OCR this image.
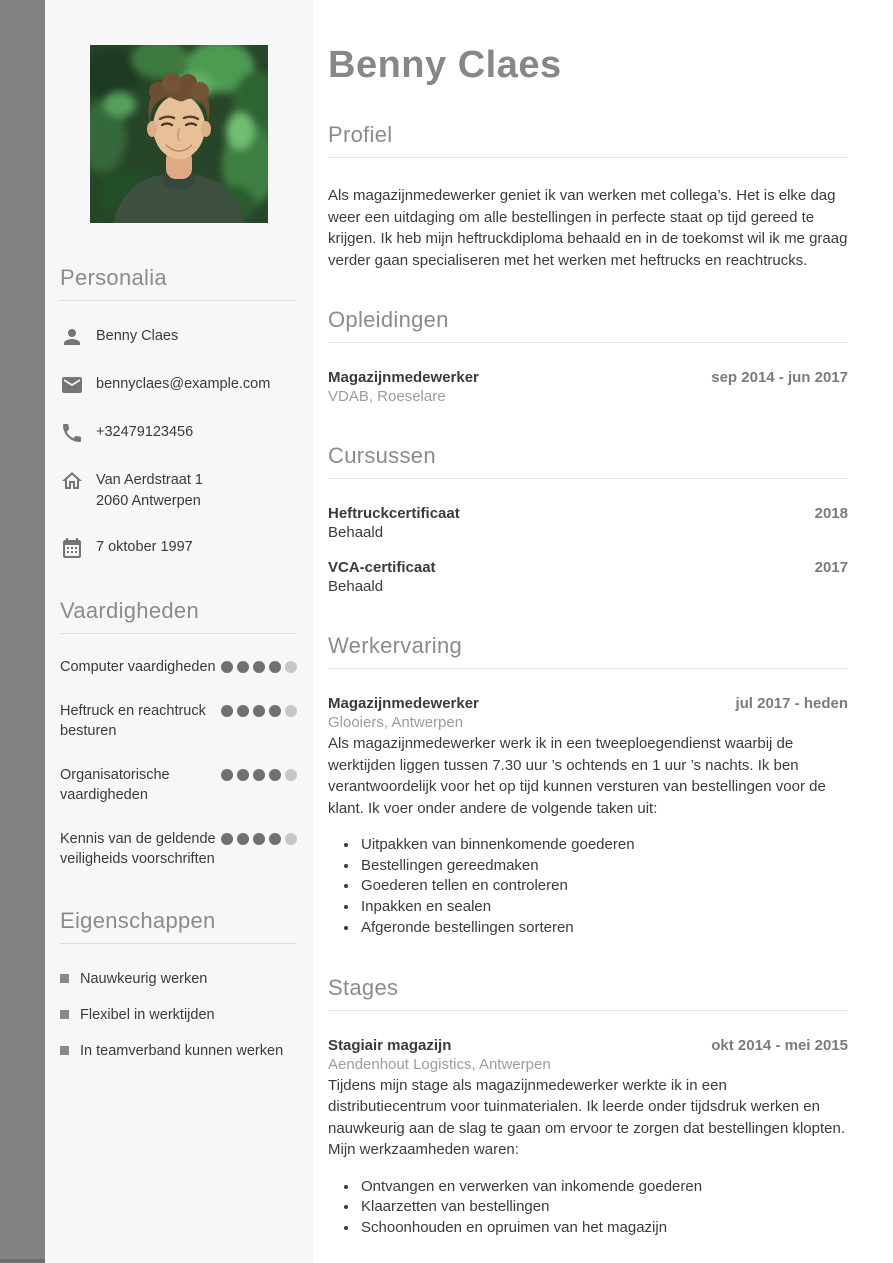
Personalia
Benny Claes
bennyclaes@example.com
+32479123456
Van Aerdstraat 1
2060 Antwerpen
7 oktober 1997
Vaardigheden
Computer vaardigheden
Heftruck en reachtruck besturen
Organisatorische vaardigheden
Kennis van de geldende veiligheids voorschriften
Eigenschappen
Nauwkeurig werken
Flexibel in werktijden
In teamverband kunnen werken
Benny Claes
Profiel

Als magazijnmedewerker geniet ik van werken met collega’s. Het is elke dag weer een uitdaging om alle bestellingen in perfecte staat op tijd gereed te krijgen. Ik heb mijn heftruckdiploma behaald en in de toekomst wil ik me graag verder gaan specialiseren met het werken met heftrucks en reachtrucks.

Opleidingen
Magazijnmedewerker	sep 2014 - jun 2017
VDAB, Roeselare
Cursussen
Heftruckcertificaat	2018
Behaald
VCA-certificaat	2017
Behaald
Werkervaring
Magazijnmedewerker	jul 2017 - heden
Glooiers, Antwerpen
Als magazijnmedewerker werk ik in een tweeploegendienst waarbij de werktijden liggen tussen 7.30 uur ’s ochtends en 1 uur ’s nachts. Ik ben verantwoordelijk voor het op tijd kunnen versturen van bestellingen voor de klant. Ik voer onder andere de volgende taken uit:
• Uitpakken van binnenkomende goederen
• Bestellingen gereedmaken
• Goederen tellen en controleren
• Inpakken en sealen
• Afgeronde bestellingen sorteren
Stages
Stagiair magazijn	okt 2014 - mei 2015
Aendenhout Logistics, Antwerpen
Tijdens mijn stage als magazijnmedewerker werkte ik in een distributiecentrum voor tuinmaterialen. Ik leerde onder tijdsdruk werken en nauwkeurig aan de slag te gaan om ervoor te zorgen dat bestellingen klopten. Mijn werkzaamheden waren:
• Ontvangen en verwerken van inkomende goederen
• Klaarzetten van bestellingen
• Schoonhouden en opruimen van het magazijn
